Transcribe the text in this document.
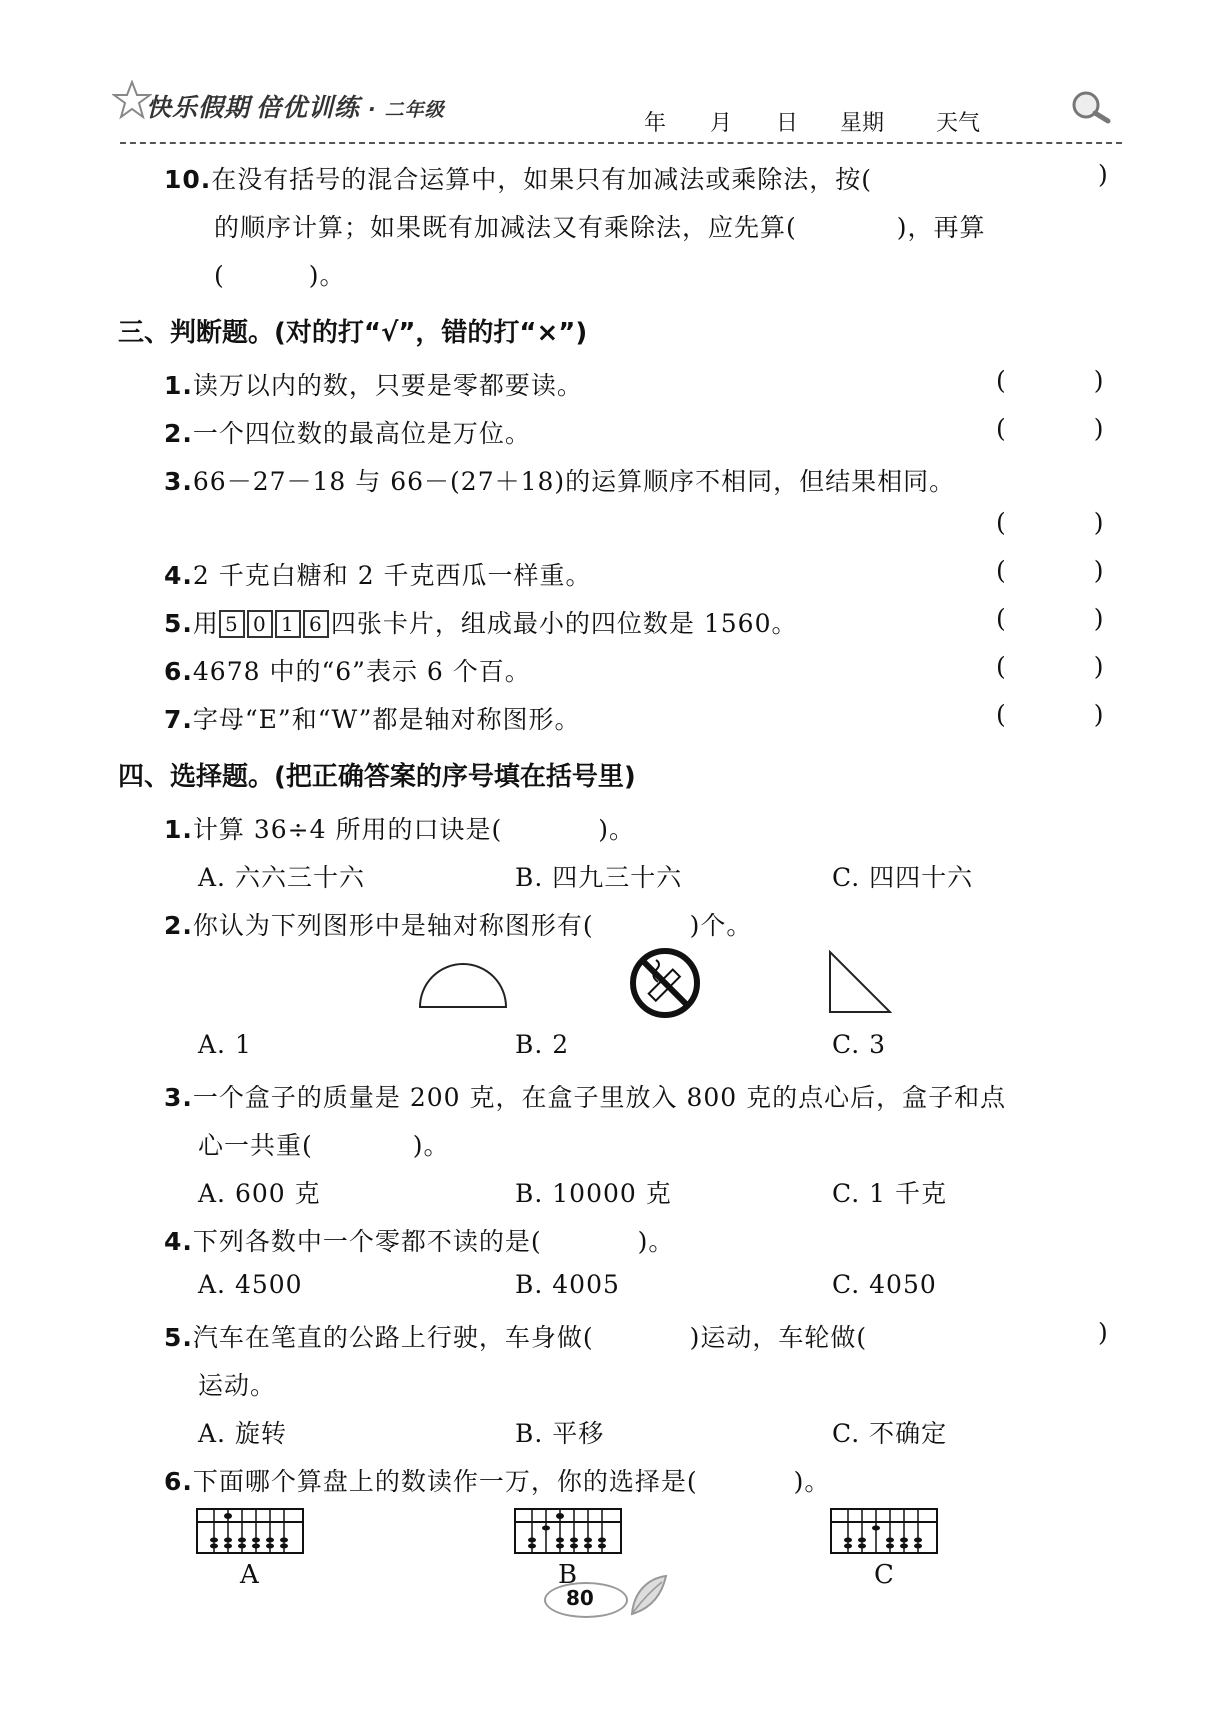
快乐假期 倍优训练 · 二年级
年 月 日 星期 天气
10.在没有括号的混合运算中，如果只有加减法或乘除法，按(	)
的顺序计算；如果既有加减法又有乘除法，应先算(	)，再算
(	)。
三、判断题。(对的打“√”，错的打“×”)
1.读万以内的数，只要是零都要读。	(	)
2.一个四位数的最高位是万位。	(	)
3.66－27－18 与 66－(27＋18)的运算顺序不相同，但结果相同。
(	)
4.2 千克白糖和 2 千克西瓜一样重。	(	)
5.用 5 0 1 6 四张卡片，组成最小的四位数是 1560。	(	)
6.4678 中的“6”表示 6 个百。	(	)
7.字母“E”和“W”都是轴对称图形。	(	)
四、选择题。(把正确答案的序号填在括号里)
1.计算 36÷4 所用的口诀是(	)。
A. 六六三十六	B. 四九三十六	C. 四四十六
2.你认为下列图形中是轴对称图形有(	)个。
A. 1	B. 2	C. 3
3.一个盒子的质量是 200 克，在盒子里放入 800 克的点心后，盒子和点
心一共重(	)。
A. 600 克	B. 10000 克	C. 1 千克
4.下列各数中一个零都不读的是(	)。
A. 4500	B. 4005	C. 4050
5.汽车在笔直的公路上行驶，车身做(	)运动，车轮做(	)
运动。
A. 旋转	B. 平移	C. 不确定
6.下面哪个算盘上的数读作一万，你的选择是(	)。
A	B	C
80
